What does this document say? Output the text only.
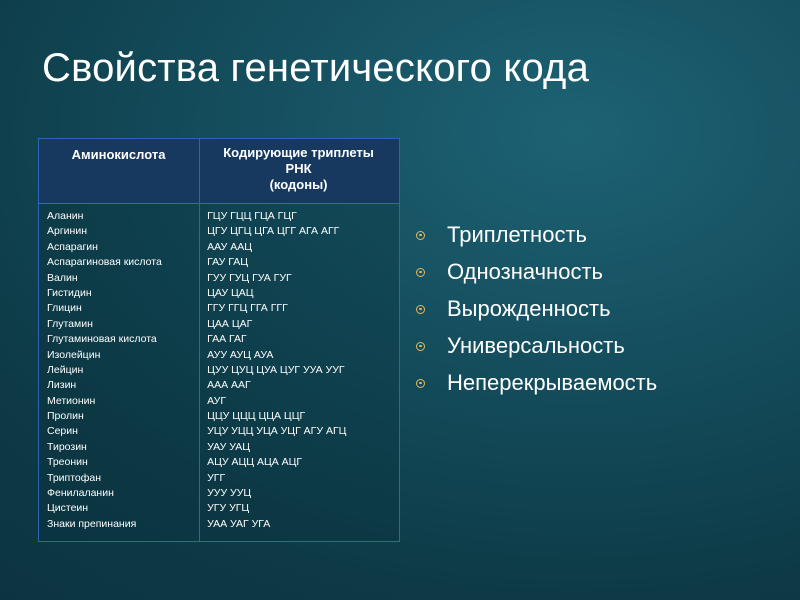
Свойства генетического кода
Аминокислота	Кодирующие триплеты
РНК
(кодоны)
Аланин	ГЦУ ГЦЦ ГЦА ГЦГ
Аргинин	ЦГУ ЦГЦ ЦГА ЦГГ АГА АГГ
Аспарагин	ААУ ААЦ
Аспарагиновая кислота	ГАУ ГАЦ
Валин	ГУУ ГУЦ ГУА ГУГ
Гистидин	ЦАУ ЦАЦ
Глицин	ГГУ ГГЦ ГГА ГГГ
Глутамин	ЦАА ЦАГ
Глутаминовая кислота	ГАА ГАГ
Изолейцин	АУУ АУЦ АУА
Лейцин	ЦУУ ЦУЦ ЦУА ЦУГ УУА УУГ
Лизин	ААА ААГ
Метионин	АУГ
Пролин	ЦЦУ ЦЦЦ ЦЦА ЦЦГ
Серин	УЦУ УЦЦ УЦА УЦГ АГУ АГЦ
Тирозин	УАУ УАЦ
Треонин	АЦУ АЦЦ АЦА АЦГ
Триптофан	УГГ
Фенилаланин	УУУ УУЦ
Цистеин	УГУ УГЦ
Знаки препинания	УАА УАГ УГА
Триплетность
Однозначность
Вырожденность
Универсальность
Неперекрываемость
